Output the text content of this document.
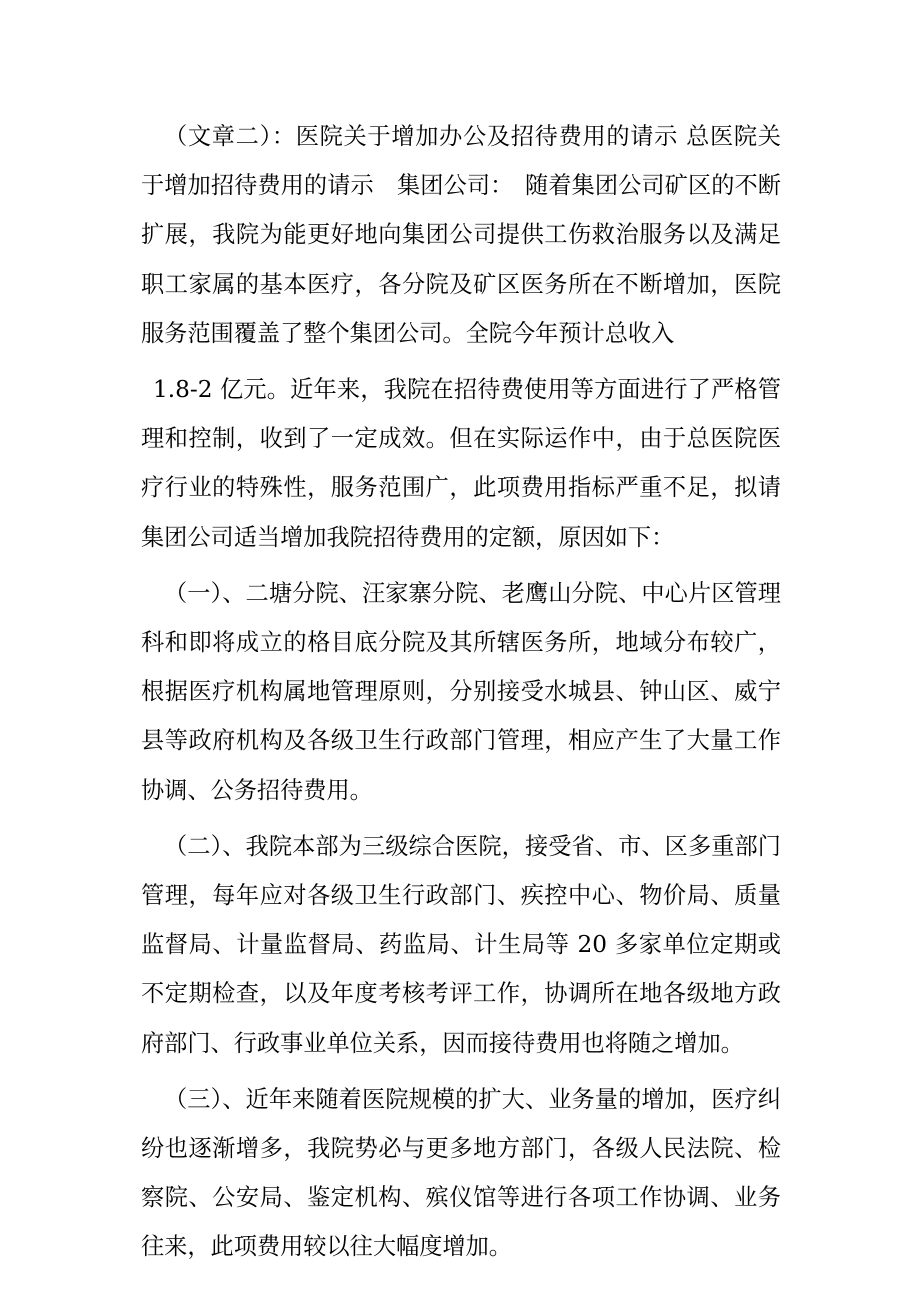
（文章二）：医院关于增加办公及招待费用的请示 总医院关于增加招待费用的请示　集团公司：　随着集团公司矿区的不断扩展，我院为能更好地向集团公司提供工伤救治服务以及满足职工家属的基本医疗，各分院及矿区医务所在不断增加，医院服务范围覆盖了整个集团公司。全院今年预计总收入

1.8-2 亿元。近年来，我院在招待费使用等方面进行了严格管理和控制，收到了一定成效。但在实际运作中，由于总医院医疗行业的特殊性，服务范围广，此项费用指标严重不足，拟请集团公司适当增加我院招待费用的定额，原因如下：

（一）、二塘分院、汪家寨分院、老鹰山分院、中心片区管理科和即将成立的格目底分院及其所辖医务所，地域分布较广，根据医疗机构属地管理原则，分别接受水城县、钟山区、威宁县等政府机构及各级卫生行政部门管理，相应产生了大量工作协调、公务招待费用。

（二）、我院本部为三级综合医院，接受省、市、区多重部门管理，每年应对各级卫生行政部门、疾控中心、物价局、质量监督局、计量监督局、药监局、计生局等 20 多家单位定期或不定期检查，以及年度考核考评工作，协调所在地各级地方政府部门、行政事业单位关系，因而接待费用也将随之增加。

（三）、近年来随着医院规模的扩大、业务量的增加，医疗纠纷也逐渐增多，我院势必与更多地方部门，各级人民法院、检察院、公安局、鉴定机构、殡仪馆等进行各项工作协调、业务往来，此项费用较以往大幅度增加。
